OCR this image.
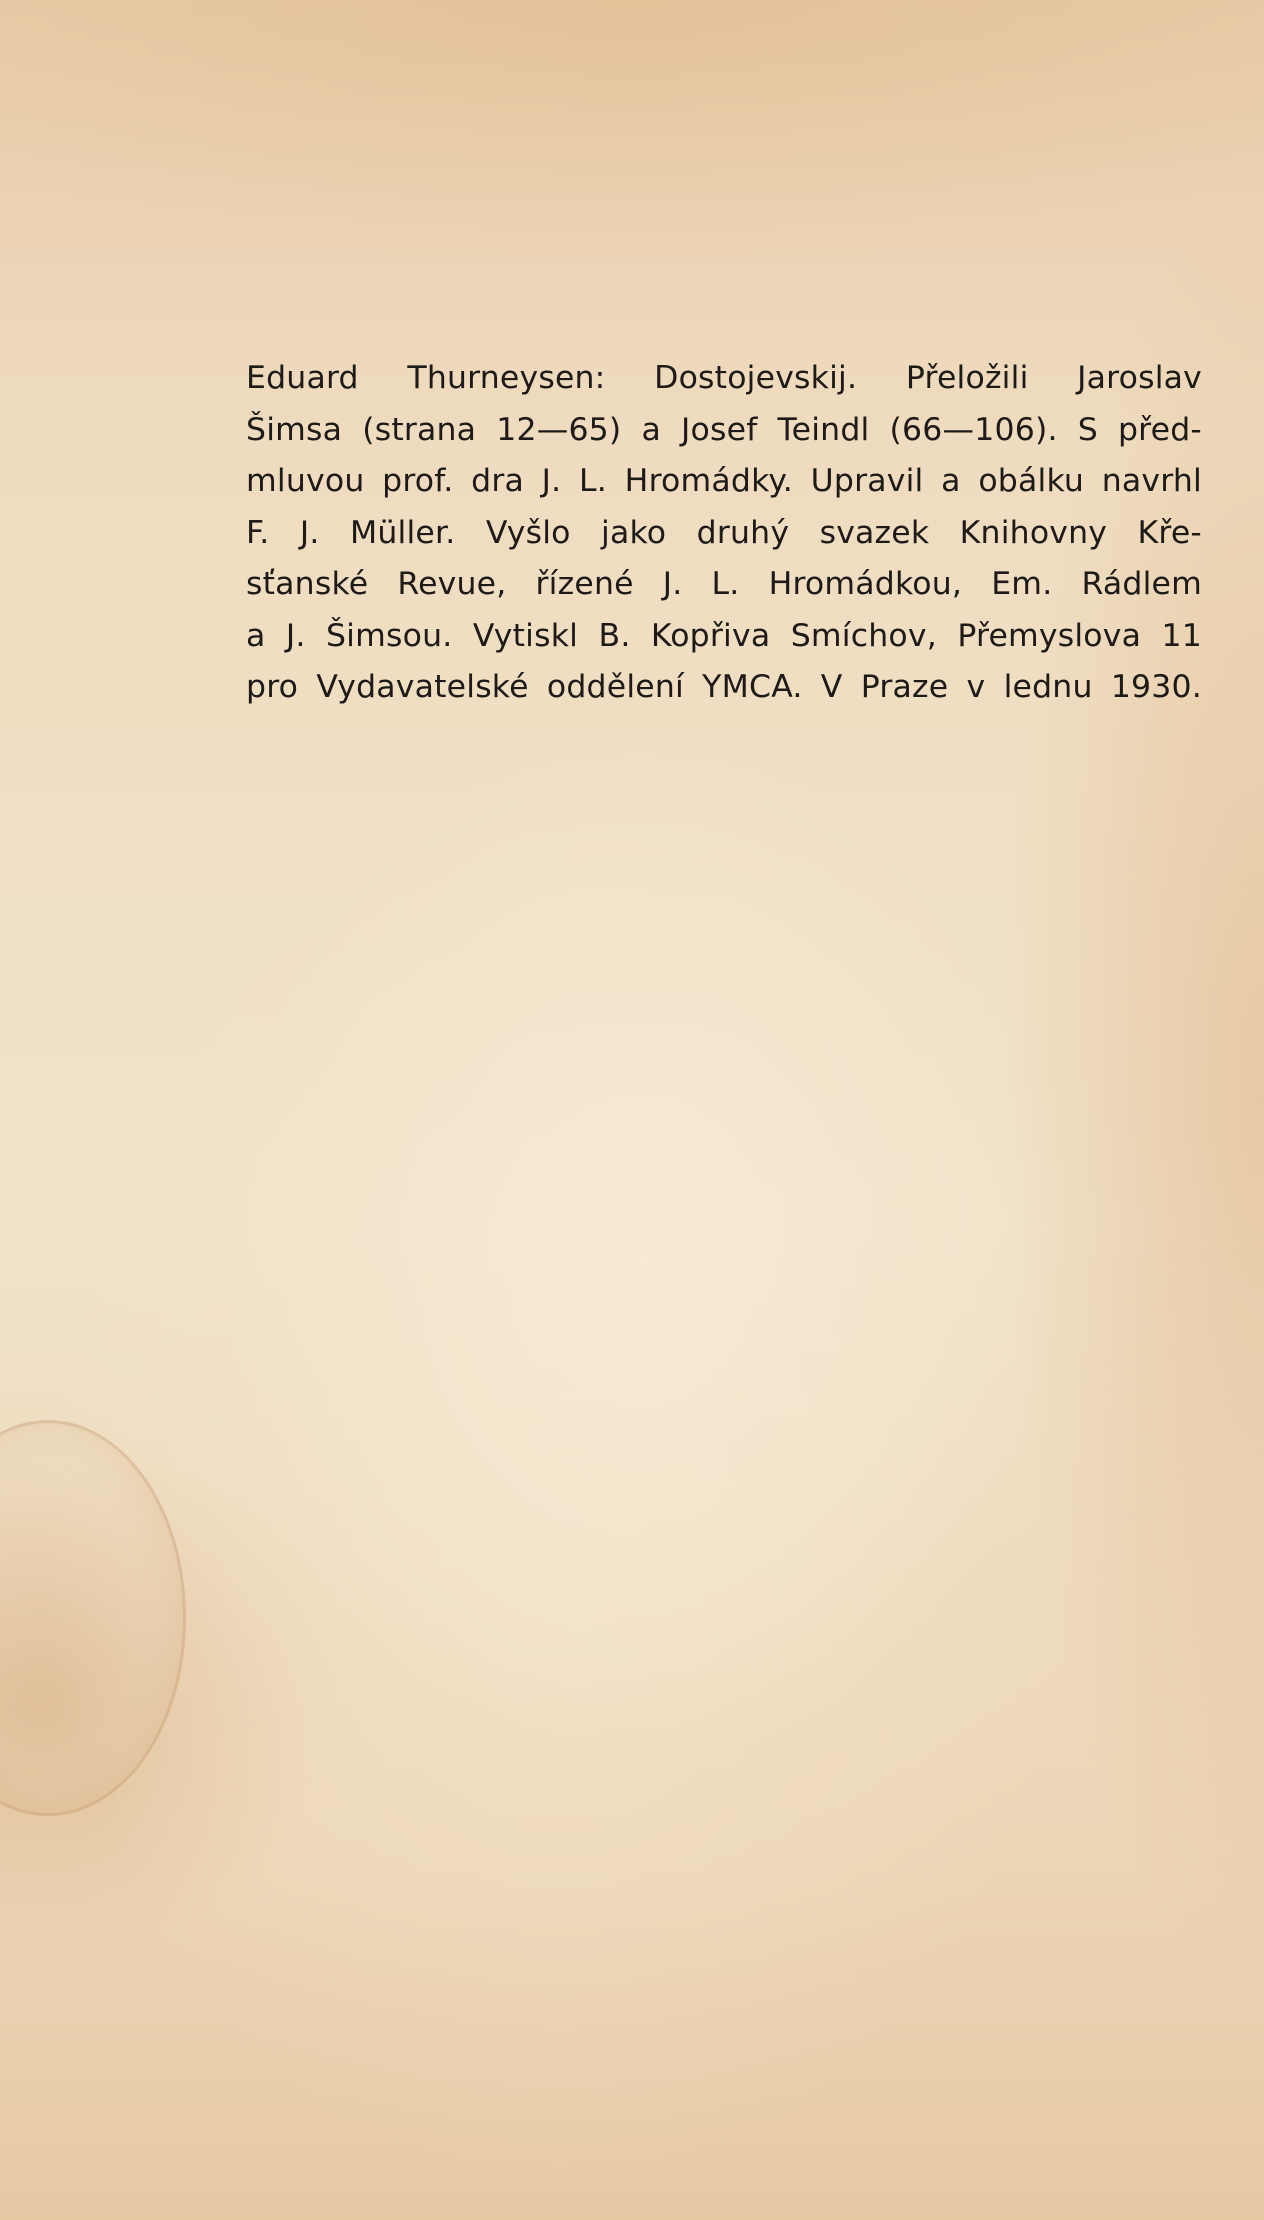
Eduard Thurneysen: Dostojevskij. Přeložili Jaroslav
Šimsa (strana 12—65) a Josef Teindl (66—106). S před-
mluvou prof. dra J. L. Hromádky. Upravil a obálku navrhl
F. J. Müller. Vyšlo jako druhý svazek Knihovny Kře-
sťanské Revue, řízené J. L. Hromádkou, Em. Rádlem
a J. Šimsou. Vytiskl B. Kopřiva Smíchov, Přemyslova 11
pro Vydavatelské oddělení YMCA. V Praze v lednu 1930.
